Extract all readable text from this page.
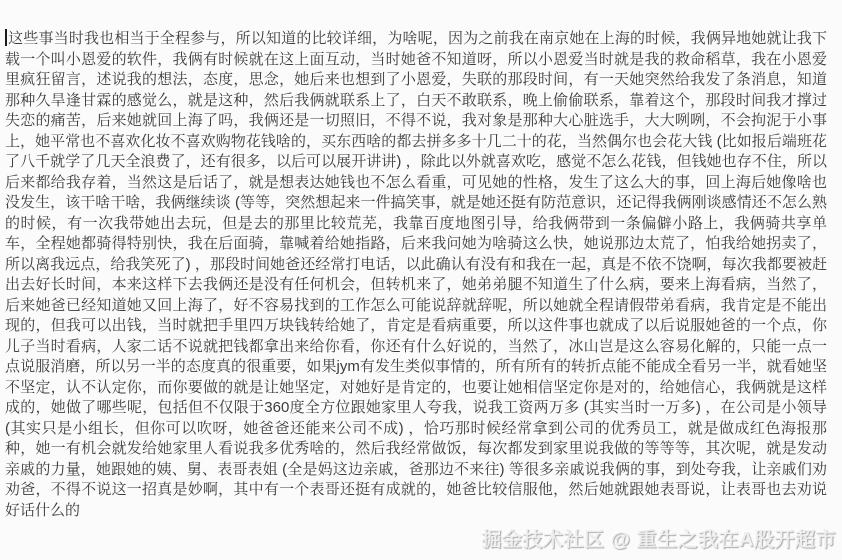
这些事当时我也相当于全程参与，所以知道的比较详细，为啥呢，因为之前我在南京她在上海的时候，我俩异地她就让我下载一个叫小恩爱的软件，我俩有时候就在这上面互动，当时她爸不知道呀，所以小恩爱当时就是我的救命稻草，我在小恩爱里疯狂留言，述说我的想法，态度，思念，她后来也想到了小恩爱，失联的那段时间，有一天她突然给我发了条消息，知道那种久旱逢甘霖的感觉么，就是这种，然后我俩就联系上了，白天不敢联系，晚上偷偷联系，靠着这个，那段时间我才撑过失恋的痛苦，后来她就回上海了吗，我俩还是一切照旧，不得不说，我对象是那种大心脏选手，大大咧咧，不会拘泥于小事上，她平常也不喜欢化妆不喜欢购物花钱啥的，买东西啥的都去拼多多十几二十的花，当然偶尔也会花大钱 (比如报后端班花了八千就学了几天全浪费了，还有很多，以后可以展开讲讲) ，除此以外就喜欢吃，感觉不怎么花钱，但钱她也存不住，所以后来都给我存着，当然这是后话了，就是想表达她钱也不怎么看重，可见她的性格，发生了这么大的事，回上海后她像啥也没发生，该干啥干啥，我俩继续谈 (等等，突然想起来一件搞笑事，就是她还挺有防范意识，还记得我俩刚谈感情还不怎么熟的时候，有一次我带她出去玩，但是去的那里比较荒芜，我靠百度地图引导，给我俩带到一条偏僻小路上，我俩骑共享单车，全程她都骑得特别快，我在后面骑，靠喊着给她指路，后来我问她为啥骑这么快，她说那边太荒了，怕我给她拐卖了，所以离我远点，给我笑死了) ，那段时间她爸还经常打电话，以此确认有没有和我在一起，真是不依不饶啊，每次我都要被赶出去好长时间，本来这样下去我俩还是没有任何机会，但转机来了，她弟弟腿不知道生了什么病，要来上海看病，当然了，后来她爸已经知道她又回上海了，好不容易找到的工作怎么可能说辞就辞呢，所以她就全程请假带弟看病，我肯定是不能出现的，但我可以出钱，当时就把手里四万块钱转给她了，肯定是看病重要，所以这件事也就成了以后说服她爸的一个点，你儿子当时看病，人家二话不说就把钱都拿出来给你看，你还有什么好说的，当然了，冰山岂是这么容易化解的，只能一点一点说服消磨，所以另一半的态度真的很重要，如果jym有发生类似事情的，所有所有的转折点能不能成全看另一半，就看她坚不坚定，认不认定你，而你要做的就是让她坚定，对她好是肯定的，也要让她相信坚定你是对的，给她信心，我俩就是这样成的，她做了哪些呢，包括但不仅限于360度全方位跟她家里人夸我，说我工资两万多 (其实当时一万多) ，在公司是小领导 (其实只是小组长，但你可以吹呀，她爸爸还能来公司不成) ，恰巧那时候经常拿到公司的优秀员工，就是做成红色海报那种，她一有机会就发给她家里人看说我多优秀啥的，然后我经常做饭，每次都发到家里说我做的等等等，其次呢，就是发动亲戚的力量，她跟她的姨、舅、表哥表姐 (全是妈这边亲戚，爸那边不来往) 等很多亲戚说我俩的事，到处夸我，让亲戚们劝劝爸，不得不说这一招真是妙啊，其中有一个表哥还挺有成就的，她爸比较信服他，然后她就跟她表哥说，让表哥也去劝说好话什么的
掘金技术社区 @ 重生之我在A股开超市
